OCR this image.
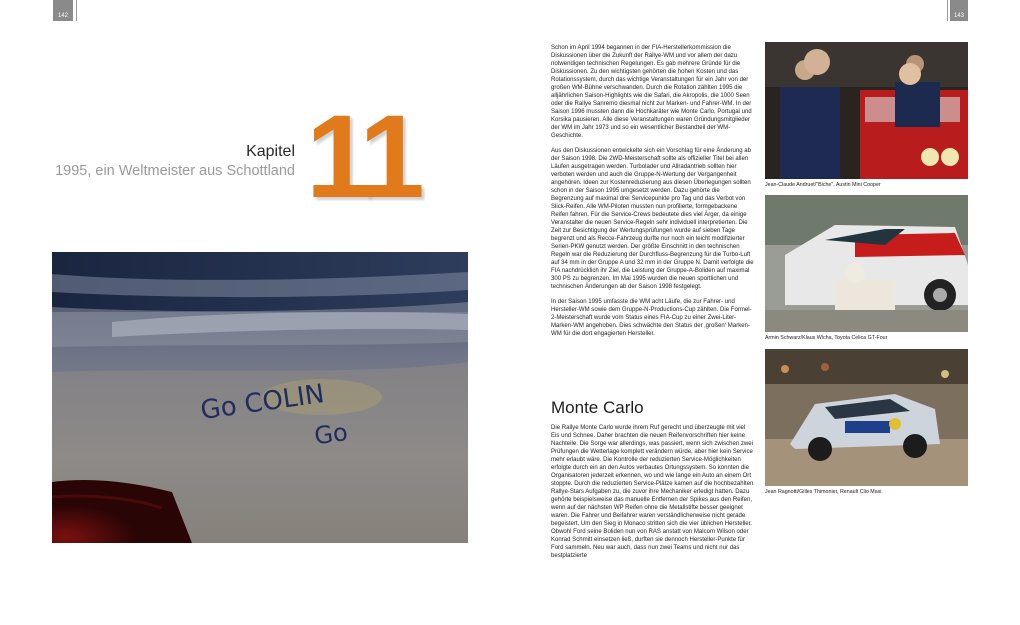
142	143
Kapitel
1995, ein Weltmeister aus Schottland 11
Go COLIN
Go

Schon im April 1994 begannen in der FIA-Herstellerkommission die Diskussionen über die Zukunft der Rallye-WM und vor allem der dazu notwendigen technischen Regelungen. Es gab mehrere Gründe für die Diskussionen. Zu den wichtigsten gehörten die hohen Kosten und das Rotationssystem, durch das wichtige Veranstaltungen für ein Jahr von der großen WM-Bühne verschwanden. Durch die Rotation zählten 1995 die alljährlichen Saison-Highlights wie die Safari, die Akropolis, die 1000 Seen oder die Rallye Sanremo diesmal nicht zur Marken- und Fahrer-WM. In der Saison 1996 mussten dann die Hochkaräter wie Monte Carlo, Portugal und Korsika pausieren. Alle diese Veranstaltungen waren Gründungsmitglieder der WM im Jahr 1973 und so ein wesentlicher Bestandteil der WM-Geschichte.

Aus den Diskussionen entwickelte sich ein Vorschlag für eine Änderung ab der Saison 1998. Die 2WD-Meisterschaft sollte als offizieller Titel bei allen Läufen ausgetragen werden. Turbolader und Allradantrieb sollten hier verboten werden und auch die Gruppe-N-Wertung der Vergangenheit angehören. Ideen zur Kostenreduzierung aus diesen Überlegungen sollten schon in der Saison 1995 umgesetzt werden. Dazu gehörte die Begrenzung auf maximal drei Servicepunkte pro Tag und das Verbot von Slick-Reifen. Alle WM-Piloten mussten nun profilierte, formgebackene Reifen fahren. Für die Service-Crews bedeutete dies viel Ärger, da einige Veranstalter die neuen Service-Regeln sehr individuell interpretierten. Die Zeit zur Besichtigung der Wertungsprüfungen wurde auf sieben Tage begrenzt und als Recce-Fahrzeug durfte nur noch ein leicht modifizierter Serien-PKW genutzt werden. Der größte Einschnitt in den technischen Regeln war die Reduzierung der Durchfluss-Begrenzung für die Turbo-Luft auf 34 mm in der Gruppe A und 32 mm in der Gruppe N. Damit verfolgte die FIA nachdrücklich ihr Ziel, die Leistung der Gruppe-A-Boliden auf maximal 300 PS zu begrenzen. Im Mai 1995 wurden die neuen sportlichen und technischen Änderungen ab der Saison 1998 festgelegt.

In der Saison 1995 umfasste die WM acht Läufe, die zur Fahrer- und Hersteller-WM sowie dem Gruppe-N-Productions-Cup zählten. Die Formel-2-Meisterschaft wurde vom Status eines FIA-Cup zu einer Zwei-Liter-Marken-WM angehoben. Dies schwächte den Status der ‚großen‘ Marken-WM für die dort engagierten Hersteller.

Monte Carlo

Die Rallye Monte Carlo wurde ihrem Ruf gerecht und überzeugte mit viel Eis und Schnee. Daher brachten die neuen Reifenvorschriften hier keine Nachteile. Die Sorge war allerdings, was passiert, wenn sich zwischen zwei Prüfungen die Wetterlage komplett verändern würde, aber hier kein Service mehr erlaubt wäre. Die Kontrolle der reduzierten Service-Möglichkeiten erfolgte durch ein an den Autos verbautes Ortungssystem. So konnten die Organisatoren jederzeit erkennen, wo und wie lange ein Auto an einem Ort stoppte. Durch die reduzierten Service-Plätze kamen auf die hochbezahlten Rallye-Stars Aufgaben zu, die zuvor ihre Mechaniker erledigt hatten. Dazu gehörte beispielsweise das manuelle Entfernen der Spikes aus den Reifen, wenn auf der nächsten WP Reifen ohne die Metallstifte besser geeignet waren. Die Fahrer und Beifahrer waren verständlicherweise nicht gerade begeistert. Um den Sieg in Monaco stritten sich die vier üblichen Hersteller. Obwohl Ford seine Boliden nun von RAS anstatt von Malcom Wilson oder Konrad Schmitt einsetzen ließ, durften sie dennoch Hersteller-Punkte für Ford sammeln. Neu war auch, dass nun zwei Teams und nicht nur das bestplatzierte

Jean-Claude Andruet/"Biche", Austin Mini Cooper
Armin Schwarz/Klaus Wicha, Toyota Celica GT-Four
Jean Ragnotti/Gilles Thimonier, Renault Clio Maxi
